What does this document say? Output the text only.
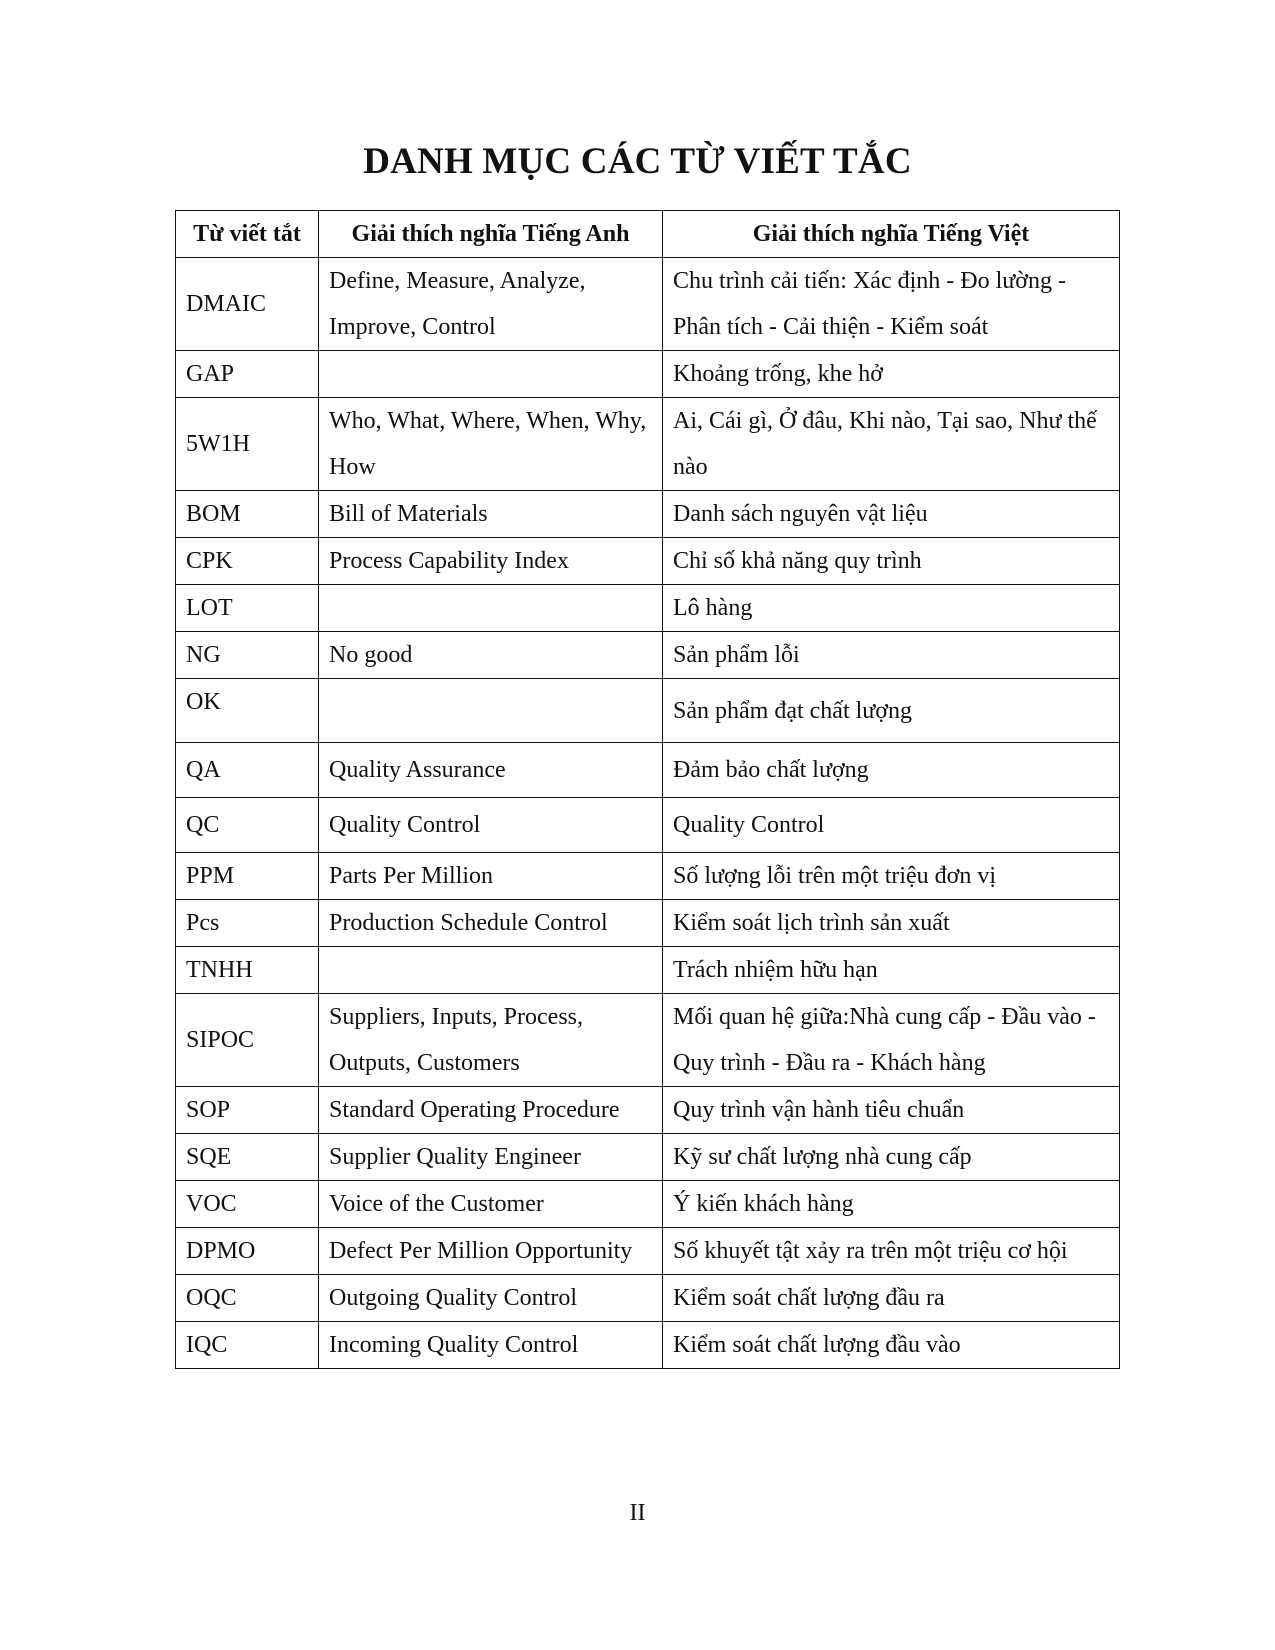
DANH MỤC CÁC TỪ VIẾT TẮC
Từ viết tắt	Giải thích nghĩa Tiếng Anh	Giải thích nghĩa Tiếng Việt
DMAIC	Define, Measure, Analyze, Improve, Control	Chu trình cải tiến: Xác định - Đo lường - Phân tích - Cải thiện - Kiểm soát
GAP		Khoảng trống, khe hở
5W1H	Who, What, Where, When, Why, How	Ai, Cái gì, Ở đâu, Khi nào, Tại sao, Như thế nào
BOM	Bill of Materials	Danh sách nguyên vật liệu
CPK	Process Capability Index	Chỉ số khả năng quy trình
LOT		Lô hàng
NG	No good	Sản phẩm lỗi
OK		Sản phẩm đạt chất lượng
QA	Quality Assurance	Đảm bảo chất lượng
QC	Quality Control	Quality Control
PPM	Parts Per Million	Số lượng lỗi trên một triệu đơn vị
Pcs	Production Schedule Control	Kiểm soát lịch trình sản xuất
TNHH		Trách nhiệm hữu hạn
SIPOC	Suppliers, Inputs, Process, Outputs, Customers	Mối quan hệ giữa:Nhà cung cấp - Đầu vào - Quy trình - Đầu ra - Khách hàng
SOP	Standard Operating Procedure	Quy trình vận hành tiêu chuẩn
SQE	Supplier Quality Engineer	Kỹ sư chất lượng nhà cung cấp
VOC	Voice of the Customer	Ý kiến khách hàng
DPMO	Defect Per Million Opportunity	Số khuyết tật xảy ra trên một triệu cơ hội
OQC	Outgoing Quality Control	Kiểm soát chất lượng đầu ra
IQC	Incoming Quality Control	Kiểm soát chất lượng đầu vào

II
